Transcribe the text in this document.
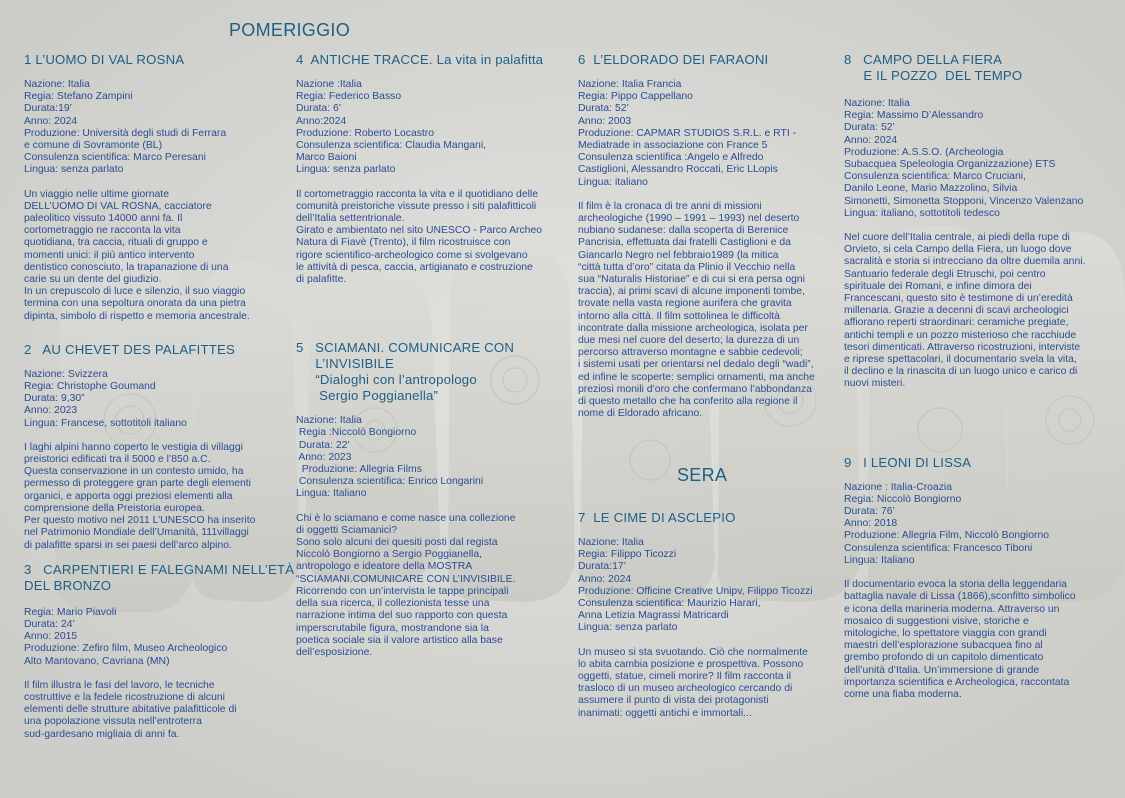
POMERIGGIO

1 L’UOMO DI VAL ROSNA

Nazione: Italia
Regia: Stefano Zampini
Durata:19’
Anno: 2024
Produzione: Università degli studi di Ferrara
e comune di Sovramonte (BL)
Consulenza scientifica: Marco Peresani
Lingua: senza parlato

Un viaggio nelle ultime giornate
DELL’UOMO DI VAL ROSNA, cacciatore
paleolitico vissuto 14000 anni fa. Il
cortometraggio ne racconta la vita
quotidiana, tra caccia, rituali di gruppo e
momenti unici: il più antico intervento
dentistico conosciuto, la trapanazione di una
carie su un dente del giudizio.
In un crepuscolo di luce e silenzio, il suo viaggio
termina con una sepoltura onorata da una pietra
dipinta, simbolo di rispetto e memoria ancestrale.

2   AU CHEVET DES PALAFITTES

Nazione: Svizzera
Regia: Christophe Goumand
Durata: 9,30”
Anno: 2023
Lingua: Francese, sottotitoli italiano

I laghi alpini hanno coperto le vestigia di villaggi
preistorici edificati tra il 5000 e l’850 a.C.
Questa conservazione in un contesto umido, ha
permesso di proteggere gran parte degli elementi
organici, e apporta oggi preziosi elementi alla
comprensione della Preistoria europea.
Per questo motivo nel 2011 L’UNESCO ha inserito
nel Patrimonio Mondiale dell’Umanità, 111villaggi
di palafitte sparsi in sei paesi dell’arco alpino.

3   CARPENTIERI E FALEGNAMI NELL’ETÀ
DEL BRONZO

Regia: Mario Piavoli
Durata: 24’
Anno: 2015
Produzione: Zefiro film, Museo Archeologico
Alto Mantovano, Cavriana (MN)

Il film illustra le fasi del lavoro, le tecniche
costruttive e la fedele ricostruzione di alcuni
elementi delle strutture abitative palafitticole di
una popolazione vissuta nell’entroterra
sud-gardesano migliaia di anni fa.

4  ANTICHE TRACCE. La vita in palafitta

Nazione :Italia
Regia: Federico Basso
Durata: 6’
Anno:2024
Produzione: Roberto Locastro
Consulenza scientifica: Claudia Mangani,
Marco Baioni
Lingua: senza parlato

Il cortometraggio racconta la vita e il quotidiano delle
comunità preistoriche vissute presso i siti palafitticoli
dell’Italia settentrionale.
Girato e ambientato nel sito UNESCO - Parco Archeo
Natura di Fiavè (Trento), il film ricostruisce con
rigore scientifico-archeologico come si svolgevano
le attività di pesca, caccia, artigianato e costruzione
di palafitte.

5   SCIAMANI. COMUNICARE CON
L’INVISIBILE
“Dialoghi con l’antropologo
Sergio Poggianella”

Nazione: Italia
Regia :Niccolò Bongiorno
Durata: 22’
Anno: 2023
Produzione: Allegria Films
Consulenza scientifica: Enrico Longarini
Lingua: Italiano

Chi è lo sciamano e come nasce una collezione
di oggetti Sciamanici?
Sono solo alcuni dei quesiti posti dal regista
Niccolò Bongiorno a Sergio Poggianella,
antropologo e ideatore della MOSTRA
“SCIAMANI.COMUNICARE CON L’INVISIBILE.
Ricorrendo con un’intervista le tappe principali
della sua ricerca, il collezionista tesse una
narrazione intima del suo rapporto con questa
imperscrutabile figura, mostrandone sia la
poetica sociale sia il valore artistico alla base
dell’esposizione.

6  L’ELDORADO DEI FARAONI

Nazione: Italia Francia
Regia: Pippo Cappellano
Durata: 52’
Anno: 2003
Produzione: CAPMAR STUDIOS S.R.L. e RTI -
Mediatrade in associazione con France 5
Consulenza scientifica :Angelo e Alfredo
Castiglioni, Alessandro Roccati, Eric LLopis
Lingua: italiano

Il film è la cronaca di tre anni di missioni
archeologiche (1990 – 1991 – 1993) nel deserto
nubiano sudanese: dalla scoperta di Berenice
Pancrisia, effettuata dai fratelli Castiglioni e da
Giancarlo Negro nel febbraio1989 (la mitica
“città tutta d’oro” citata da Plinio il Vecchio nella
sua “Naturalis Historiae” e di cui si era persa ogni
traccia), ai primi scavi di alcune imponenti tombe,
trovate nella vasta regione aurifera che gravita
intorno alla città. Il film sottolinea le difficoltà
incontrate dalla missione archeologica, isolata per
due mesi nel cuore del deserto; la durezza di un
percorso attraverso montagne e sabbie cedevoli;
i sistemi usati per orientarsi nel dedalo degli “wadi”,
ed infine le scoperte: semplici ornamenti, ma anche
preziosi monili d’oro che confermano l’abbondanza
di questo metallo che ha conferito alla regione il
nome di Eldorado africano.

SERA

7  LE CIME DI ASCLEPIO

Nazione: Italia
Regia: Filippo Ticozzi
Durata:17’
Anno: 2024
Produzione: Officine Creative Unipv, Filippo Ticozzi
Consulenza scientifica: Maurizio Harari,
Anna Letizia Magrassi Matricardi
Lingua: senza parlato

Un museo si sta svuotando. Ciò che normalmente
lo abita cambia posizione e prospettiva. Possono
oggetti, statue, cimeli morire? Il film racconta il
trasloco di un museo archeologico cercando di
assumere il punto di vista dei protagonisti
inanimati: oggetti antichi e immortali...

8   CAMPO DELLA FIERA
E IL POZZO  DEL TEMPO

Nazione: Italia
Regia: Massimo D’Alessandro
Durata: 52’
Anno: 2024
Produzione: A.S.S.O. (Archeologia
Subacquea Speleologia Organizzazione) ETS
Consulenza scientifica: Marco Cruciani,
Danilo Leone, Mario Mazzolino, Silvia
Simonetti, Simonetta Stopponi, Vincenzo Valenzano
Lingua: italiano, sottotitoli tedesco

Nel cuore dell’Italia centrale, ai piedi della rupe di
Orvieto, si cela Campo della Fiera, un luogo dove
sacralità e storia si intrecciano da oltre duemila anni.
Santuario federale degli Etruschi, poi centro
spirituale dei Romani, e infine dimora dei
Francescani, questo sito è testimone di un’eredità
millenaria. Grazie a decenni di scavi archeologici
affiorano reperti straordinari: ceramiche pregiate,
antichi templi e un pozzo misterioso che racchiude
tesori dimenticati. Attraverso ricostruzioni, interviste
e riprese spettacolari, il documentario svela la vita,
il declino e la rinascita di un luogo unico e carico di
nuovi misteri.

9   I LEONI DI LISSA

Nazione : Italia-Croazia
Regia: Niccolò Bongiorno
Durata: 76’
Anno: 2018
Produzione: Allegria Film, Niccolò Bongiorno
Consulenza scientifica: Francesco Tiboni
Lingua: Italiano

Il documentario evoca la storia della leggendaria
battaglia navale di Lissa (1866),sconfitto simbolico
e icona della marineria moderna. Attraverso un
mosaico di suggestioni visive, storiche e
mitologiche, lo spettatore viaggia con grandi
maestri dell’esplorazione subacquea fino al
grembo profondo di un capitolo dimenticato
dell’unità d’Italia. Un’immersione di grande
importanza scientifica e Archeologica, raccontata
come una fiaba moderna.
